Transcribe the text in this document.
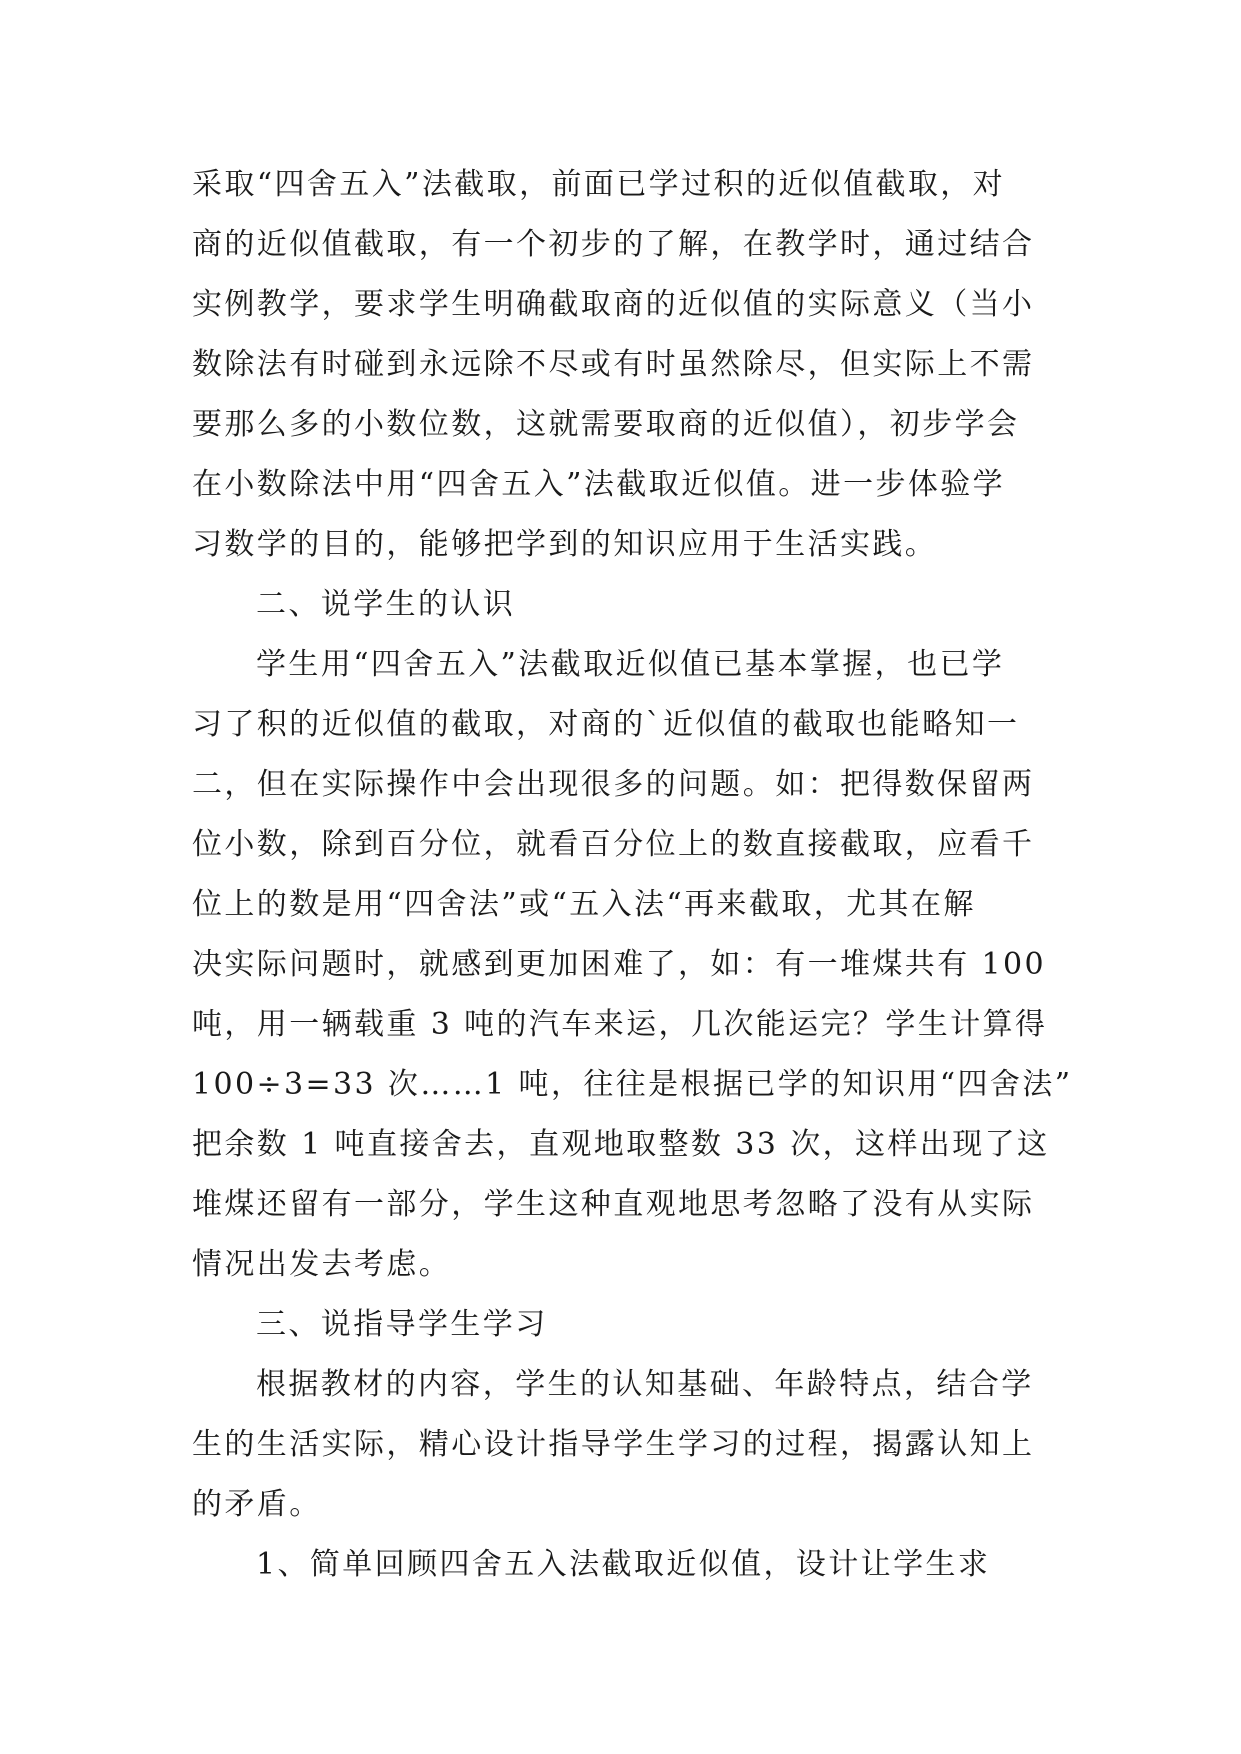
采取“四舍五入”法截取，前面已学过积的近似值截取，对
商的近似值截取，有一个初步的了解，在教学时，通过结合
实例教学，要求学生明确截取商的近似值的实际意义（当小
数除法有时碰到永远除不尽或有时虽然除尽，但实际上不需
要那么多的小数位数，这就需要取商的近似值），初步学会
在小数除法中用“四舍五入”法截取近似值。进一步体验学
习数学的目的，能够把学到的知识应用于生活实践。
二、说学生的认识
学生用“四舍五入”法截取近似值已基本掌握，也已学
习了积的近似值的截取，对商的`近似值的截取也能略知一
二，但在实际操作中会出现很多的问题。如：把得数保留两
位小数，除到百分位，就看百分位上的数直接截取，应看千
位上的数是用“四舍法”或“五入法“再来截取，尤其在解
决实际问题时，就感到更加困难了，如：有一堆煤共有 100
吨，用一辆载重 3 吨的汽车来运，几次能运完？学生计算得
100÷3=33 次……1 吨，往往是根据已学的知识用“四舍法”
把余数 1 吨直接舍去，直观地取整数 33 次，这样出现了这
堆煤还留有一部分，学生这种直观地思考忽略了没有从实际
情况出发去考虑。
三、说指导学生学习
根据教材的内容，学生的认知基础、年龄特点，结合学
生的生活实际，精心设计指导学生学习的过程，揭露认知上
的矛盾。
1、简单回顾四舍五入法截取近似值，设计让学生求
